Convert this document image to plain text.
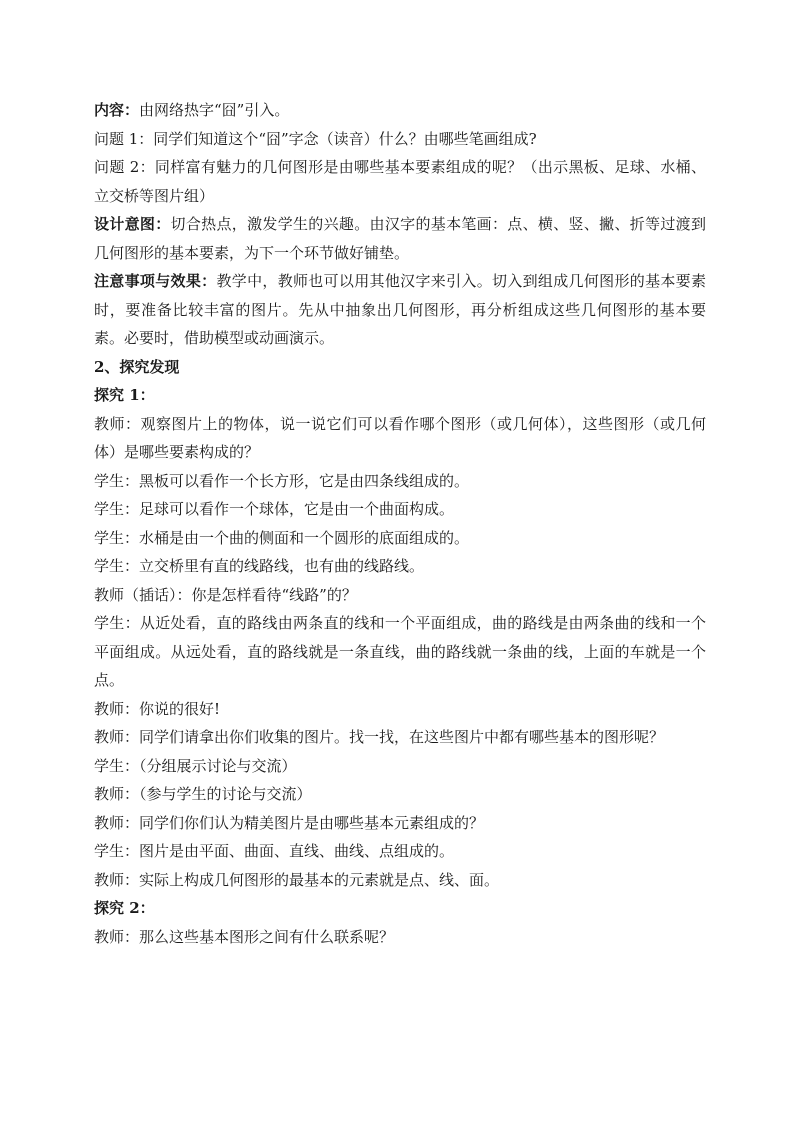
内容：由网络热字“囧”引入。

问题 1：同学们知道这个“囧”字念（读音）什么？由哪些笔画组成?

问题 2：同样富有魅力的几何图形是由哪些基本要素组成的呢？（出示黑板、足球、水桶、立交桥等图片组）

设计意图：切合热点，激发学生的兴趣。由汉字的基本笔画：点、横、竖、撇、折等过渡到几何图形的基本要素，为下一个环节做好铺垫。

注意事项与效果：教学中，教师也可以用其他汉字来引入。切入到组成几何图形的基本要素时，要准备比较丰富的图片。先从中抽象出几何图形，再分析组成这些几何图形的基本要素。必要时，借助模型或动画演示。

2、探究发现

探究 1：

教师：观察图片上的物体，说一说它们可以看作哪个图形（或几何体），这些图形（或几何体）是哪些要素构成的？

学生：黑板可以看作一个长方形，它是由四条线组成的。

学生：足球可以看作一个球体，它是由一个曲面构成。

学生：水桶是由一个曲的侧面和一个圆形的底面组成的。

学生：立交桥里有直的线路线，也有曲的线路线。

教师（插话）：你是怎样看待“线路”的？

学生：从近处看，直的路线由两条直的线和一个平面组成，曲的路线是由两条曲的线和一个平面组成。从远处看，直的路线就是一条直线，曲的路线就一条曲的线，上面的车就是一个点。

教师：你说的很好!

教师：同学们请拿出你们收集的图片。找一找，在这些图片中都有哪些基本的图形呢？

学生：（分组展示讨论与交流）

教师：（参与学生的讨论与交流）

教师：同学们你们认为精美图片是由哪些基本元素组成的？

学生：图片是由平面、曲面、直线、曲线、点组成的。

教师：实际上构成几何图形的最基本的元素就是点、线、面。

探究 2：

教师：那么这些基本图形之间有什么联系呢？
